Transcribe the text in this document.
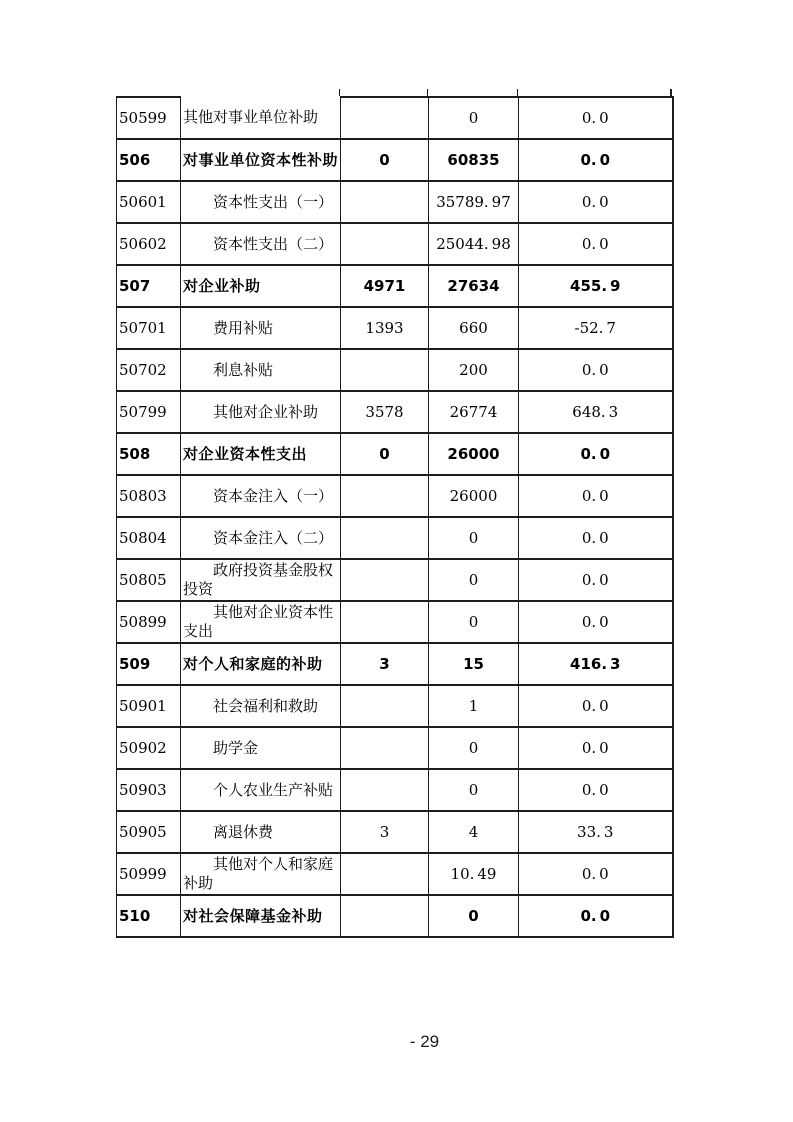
50599	其他对事业单位补助		0	0. 0
506	对事业单位资本性补助	0	60835	0. 0
50601	资本性支出（一）		35789. 97	0. 0
50602	资本性支出（二）		25044. 98	0. 0
507	对企业补助	4971	27634	455. 9
50701	费用补贴	1393	660	-52. 7
50702	利息补贴		200	0. 0
50799	其他对企业补助	3578	26774	648. 3
508	对企业资本性支出	0	26000	0. 0
50803	资本金注入（一）		26000	0. 0
50804	资本金注入（二）		0	0. 0
50805	政府投资基金股权投资		0	0. 0
50899	其他对企业资本性支出		0	0. 0
509	对个人和家庭的补助	3	15	416. 3
50901	社会福利和救助		1	0. 0
50902	助学金		0	0. 0
50903	个人农业生产补贴		0	0. 0
50905	离退休费	3	4	33. 3
50999	其他对个人和家庭补助		10. 49	0. 0
510	对社会保障基金补助		0	0. 0
- 29
